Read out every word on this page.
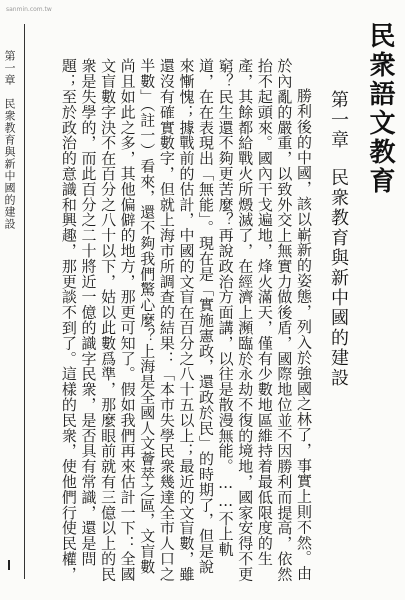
sanmin.com.tw
民衆語文教育
第一章民衆教育與新中國的建設

勝利後的中國，該以嶄新的姿態，列入於強國之林了，事實上則不然。由於內亂的嚴重，以致外交上無實力做後盾，國際地位並不因勝利而提高，依然抬不起頭來。國內干戈遍地，烽火滿天，僅有少數地區維持着最低限度的生產，其餘都給戰火所燬滅了，在經濟上瀕臨於永劫不復的境地，國家安得不更窮？民生還不夠更苦麼？再說政治方面講，以往是散漫無能。……不上軌道，在在表現出「無能」。現在是「實施憲政，還政於民」的時期了，但是說來慚愧；據戰前的估計，中國的文盲在百分之八十五以上；最近的文盲數，雖還沒有確實數字，但就上海市所調查的結果：「本市失學民衆幾達全市人口之半數」（註一）看來，還不夠我們驚心麼？上海是全國人文薈萃之區，文盲數尚且如此之多，其他偏僻的地方，那更可知了。假如我們再來估計一下：全國文盲數字決不在百分之八十以下，姑以此數爲準，那麼眼前就有三億以上的民衆是失學的，而此百分之二十將近一億的識字民衆，是否具有常識，還是問題；至於政治的意識和興趣，那更談不到了。這樣的民衆，使他們行使民權，

第一章民衆教育與新中國的建設
